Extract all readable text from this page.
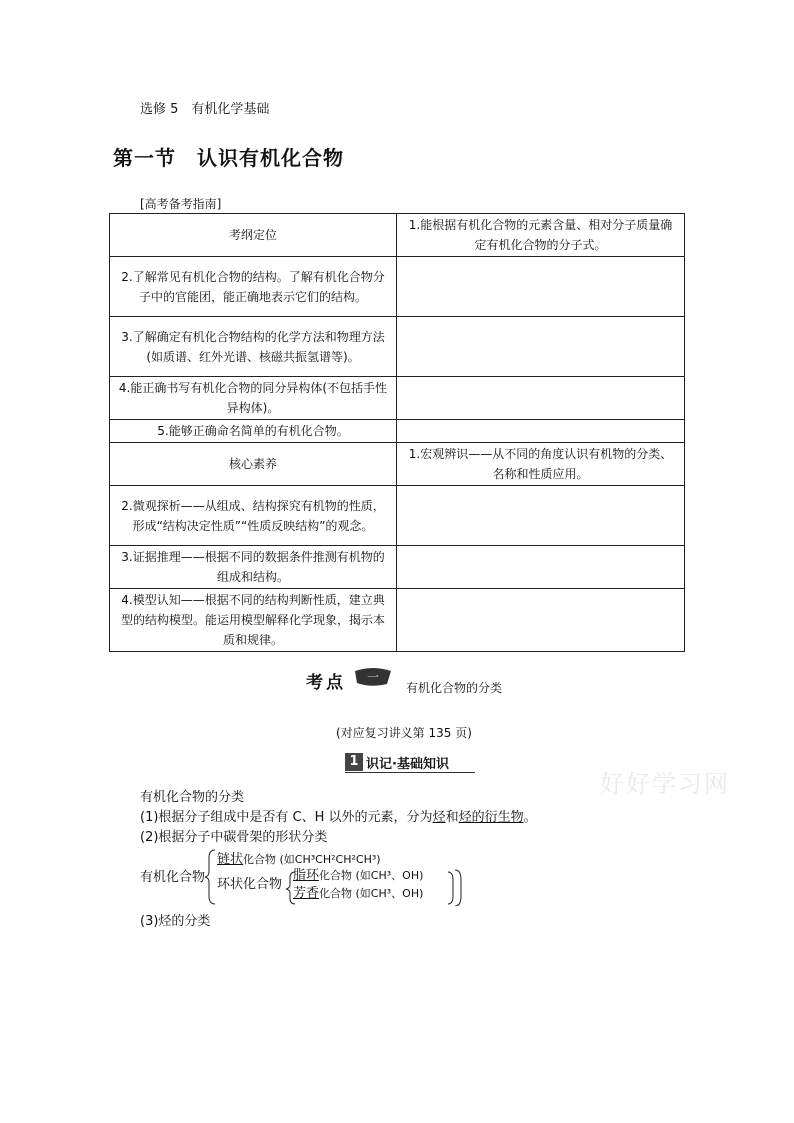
选修 5　有机化学基础
第一节　认识有机化合物
[高考备考指南]
考纲定位	1.能根据有机化合物的元素含量、相对分子质量确定有机化合物的分子式。
2.了解常见有机化合物的结构。了解有机化合物分子中的官能团，能正确地表示它们的结构。	
3.了解确定有机化合物结构的化学方法和物理方法(如质谱、红外光谱、核磁共振氢谱等)。	
4.能正确书写有机化合物的同分异构体(不包括手性异构体)。	
5.能够正确命名简单的有机化合物。	
核心素养	1.宏观辨识——从不同的角度认识有机物的分类、名称和性质应用。
2.微观探析——从组成、结构探究有机物的性质，形成“结构决定性质”“性质反映结构”的观念。	
3.证据推理——根据不同的数据条件推测有机物的组成和结构。	
4.模型认知——根据不同的结构判断性质，建立典型的结构模型。能运用模型解释化学现象，揭示本质和规律。	
考点 一
有机化合物的分类
(对应复习讲义第 135 页)
1 识记·基础知识
好好学习网
有机化合物的分类
(1)根据分子组成中是否有 C、H 以外的元素，分为烃和烃的衍生物。
(2)根据分子中碳骨架的形状分类
有机化合物
链状化合物 (如CH³CH²CH²CH³)
环状化合物
脂环化合物 (如CH³、OH)
芳香化合物 (如CH³、OH)
(3)烃的分类
